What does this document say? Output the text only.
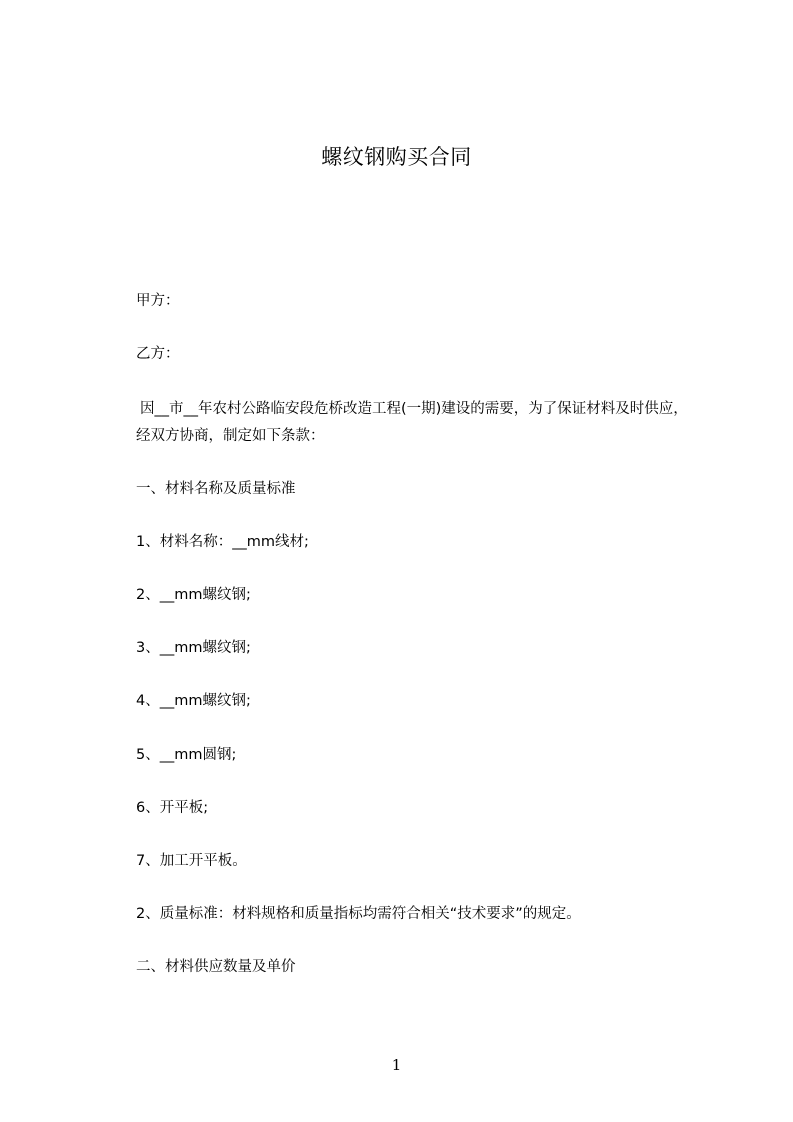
螺纹钢购买合同

甲方：

乙方：

因__市__年农村公路临安段危桥改造工程(一期)建设的需要，为了保证材料及时供应，经双方协商，制定如下条款：

一、材料名称及质量标准

1、材料名称：__mm线材;

2、__mm螺纹钢;

3、__mm螺纹钢;

4、__mm螺纹钢;

5、__mm圆钢;

6、开平板;

7、加工开平板。

2、质量标准：材料规格和质量指标均需符合相关“技术要求”的规定。

二、材料供应数量及单价

1
